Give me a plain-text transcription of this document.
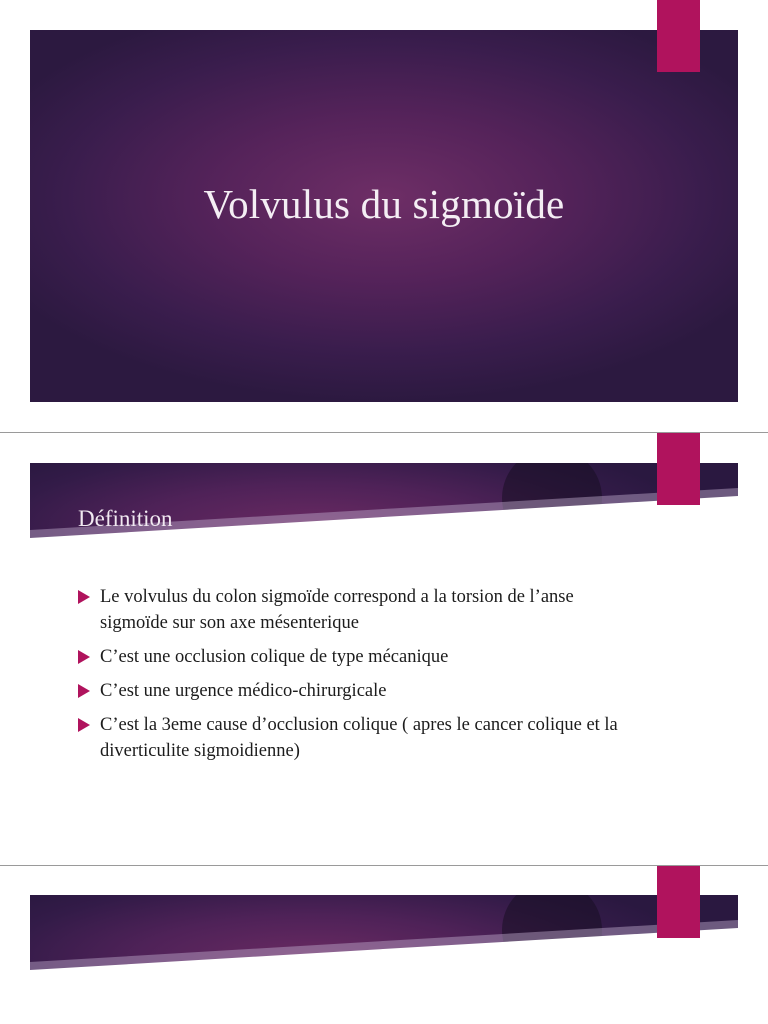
Volvulus du sigmoïde
Définition
Le volvulus du colon sigmoïde correspond a la torsion de l’anse sigmoïde sur son axe mésenterique
C’est une occlusion colique de type mécanique
C’est une urgence médico-chirurgicale
C’est la 3eme cause d’occlusion colique ( apres le cancer colique et la diverticulite sigmoidienne)
